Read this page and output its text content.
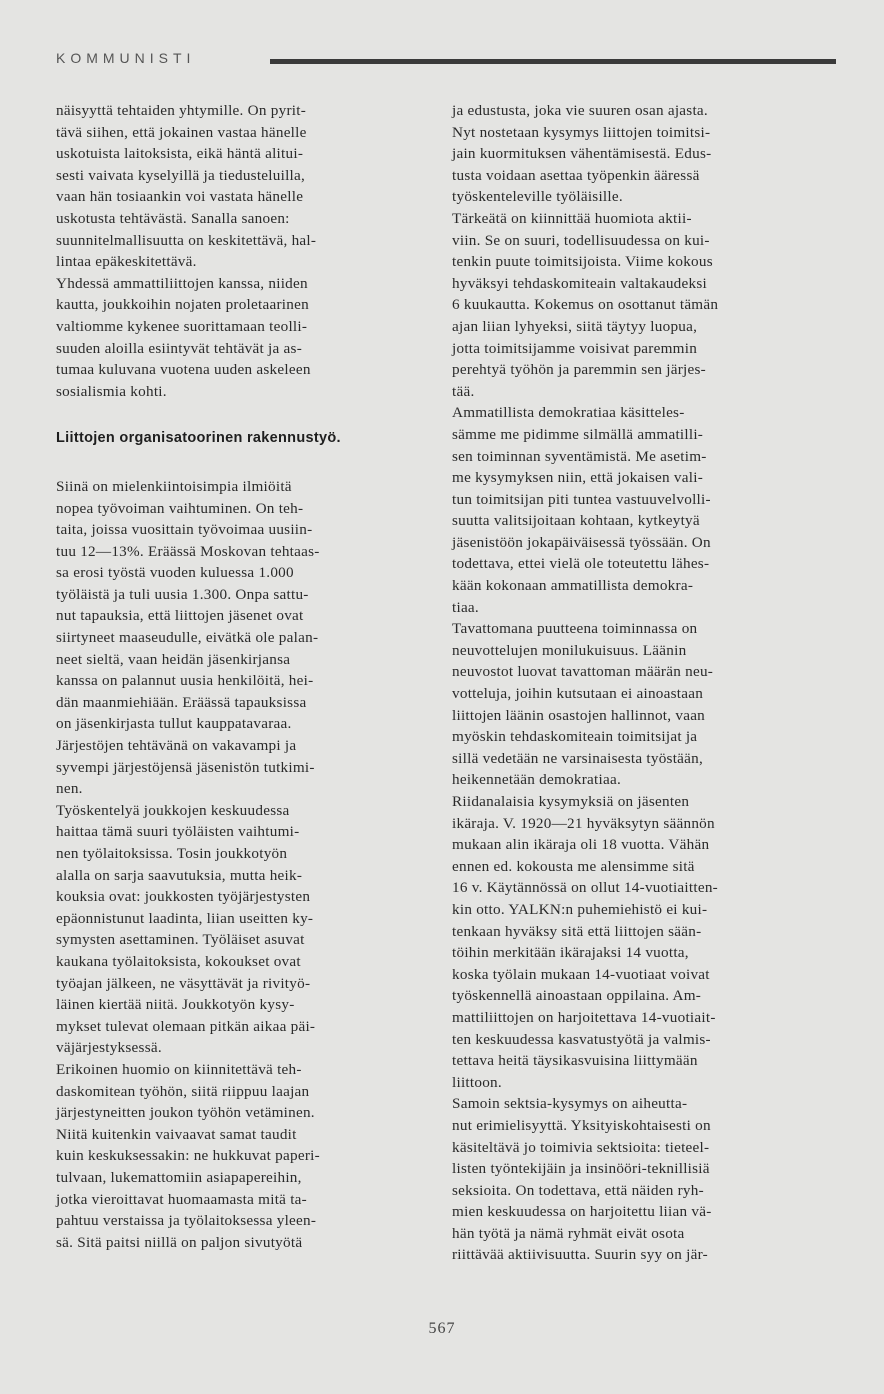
KOMMUNISTI
näisyyttä tehtaiden yhtymille. On pyrit-
tävä siihen, että jokainen vastaa hänelle
uskotuista laitoksista, eikä häntä alitui-
sesti vaivata kyselyillä ja tiedusteluilla,
vaan hän tosiaankin voi vastata hänelle
uskotusta tehtävästä. Sanalla sanoen:
suunnitelmallisuutta on keskitettävä, hal-
lintaa epäkeskitettävä.
Yhdessä ammattiliittojen kanssa, niiden
kautta, joukkoihin nojaten proletaarinen
valtiomme kykenee suorittamaan teolli-
suuden aloilla esiintyvät tehtävät ja as-
tumaa kuluvana vuotena uuden askeleen
sosialismia kohti.
Liittojen organisatoorinen rakennustyö.
Siinä on mielenkiintoisimpia ilmiöitä
nopea työvoiman vaihtuminen. On teh-
taita, joissa vuosittain työvoimaa uusiin-
tuu 12—13%. Eräässä Moskovan tehtaas-
sa erosi työstä vuoden kuluessa 1.000
työläistä ja tuli uusia 1.300. Onpa sattu-
nut tapauksia, että liittojen jäsenet ovat
siirtyneet maaseudulle, eivätkä ole palan-
neet sieltä, vaan heidän jäsenkirjansa
kanssa on palannut uusia henkilöitä, hei-
dän maanmiehiään. Eräässä tapauksissa
on jäsenkirjasta tullut kauppatavaraa.
Järjestöjen tehtävänä on vakavampi ja
syvempi järjestöjensä jäsenistön tutkimi-
nen.
Työskentelyä joukkojen keskuudessa
haittaa tämä suuri työläisten vaihtumi-
nen työlaitoksissa. Tosin joukkotyön
alalla on sarja saavutuksia, mutta heik-
kouksia ovat: joukkosten työjärjestysten
epäonnistunut laadinta, liian useitten ky-
symysten asettaminen. Työläiset asuvat
kaukana työlaitoksista, kokoukset ovat
työajan jälkeen, ne väsyttävät ja rivityö-
läinen kiertää niitä. Joukkotyön kysy-
mykset tulevat olemaan pitkän aikaa päi-
väjärjestyksessä.
Erikoinen huomio on kiinnitettävä teh-
daskomitean työhön, siitä riippuu laajan
järjestyneitten joukon työhön vetäminen.
Niitä kuitenkin vaivaavat samat taudit
kuin keskuksessakin: ne hukkuvat paperi-
tulvaan, lukemattomiin asiapapereihin,
jotka vieroittavat huomaamasta mitä ta-
pahtuu verstaissa ja työlaitoksessa yleen-
sä. Sitä paitsi niillä on paljon sivutyötä
ja edustusta, joka vie suuren osan ajasta.
Nyt nostetaan kysymys liittojen toimitsi-
jain kuormituksen vähentämisestä. Edus-
tusta voidaan asettaa työpenkin ääressä
työskenteleville työläisille.
Tärkeätä on kiinnittää huomiota aktii-
viin. Se on suuri, todellisuudessa on kui-
tenkin puute toimitsijoista. Viime kokous
hyväksyi tehdaskomiteain valtakaudeksi
6 kuukautta. Kokemus on osottanut tämän
ajan liian lyhyeksi, siitä täytyy luopua,
jotta toimitsijamme voisivat paremmin
perehtyä työhön ja paremmin sen järjes-
tää.
Ammatillista demokratiaa käsitteles-
sämme me pidimme silmällä ammatilli-
sen toiminnan syventämistä. Me asetim-
me kysymyksen niin, että jokaisen vali-
tun toimitsijan piti tuntea vastuuvelvolli-
suutta valitsijoitaan kohtaan, kytkeytyä
jäsenistöön jokapäiväisessä työssään. On
todettava, ettei vielä ole toteutettu lähes-
kään kokonaan ammatillista demokra-
tiaa.
Tavattomana puutteena toiminnassa on
neuvottelujen monilukuisuus. Läänin
neuvostot luovat tavattoman määrän neu-
votteluja, joihin kutsutaan ei ainoastaan
liittojen läänin osastojen hallinnot, vaan
myöskin tehdaskomiteain toimitsijat ja
sillä vedetään ne varsinaisesta työstään,
heikennetään demokratiaa.
Riidanalaisia kysymyksiä on jäsenten
ikäraja. V. 1920—21 hyväksytyn säännön
mukaan alin ikäraja oli 18 vuotta. Vähän
ennen ed. kokousta me alensimme sitä
16 v. Käytännössä on ollut 14-vuotiaitten-
kin otto. YALKN:n puhemiehistö ei kui-
tenkaan hyväksy sitä että liittojen sään-
töihin merkitään ikärajaksi 14 vuotta,
koska työlain mukaan 14-vuotiaat voivat
työskennellä ainoastaan oppilaina. Am-
mattiliittojen on harjoitettava 14-vuotiait-
ten keskuudessa kasvatustyötä ja valmis-
tettava heitä täysikasvuisina liittymään
liittoon.
Samoin sektsia-kysymys on aiheutta-
nut erimielisyyttä. Yksityiskohtaisesti on
käsiteltävä jo toimivia sektsioita: tieteel-
listen työntekijäin ja insinööri-teknillisiä
seksioita. On todettava, että näiden ryh-
mien keskuudessa on harjoitettu liian vä-
hän työtä ja nämä ryhmät eivät osota
riittävää aktiivisuutta. Suurin syy on jär-
567
